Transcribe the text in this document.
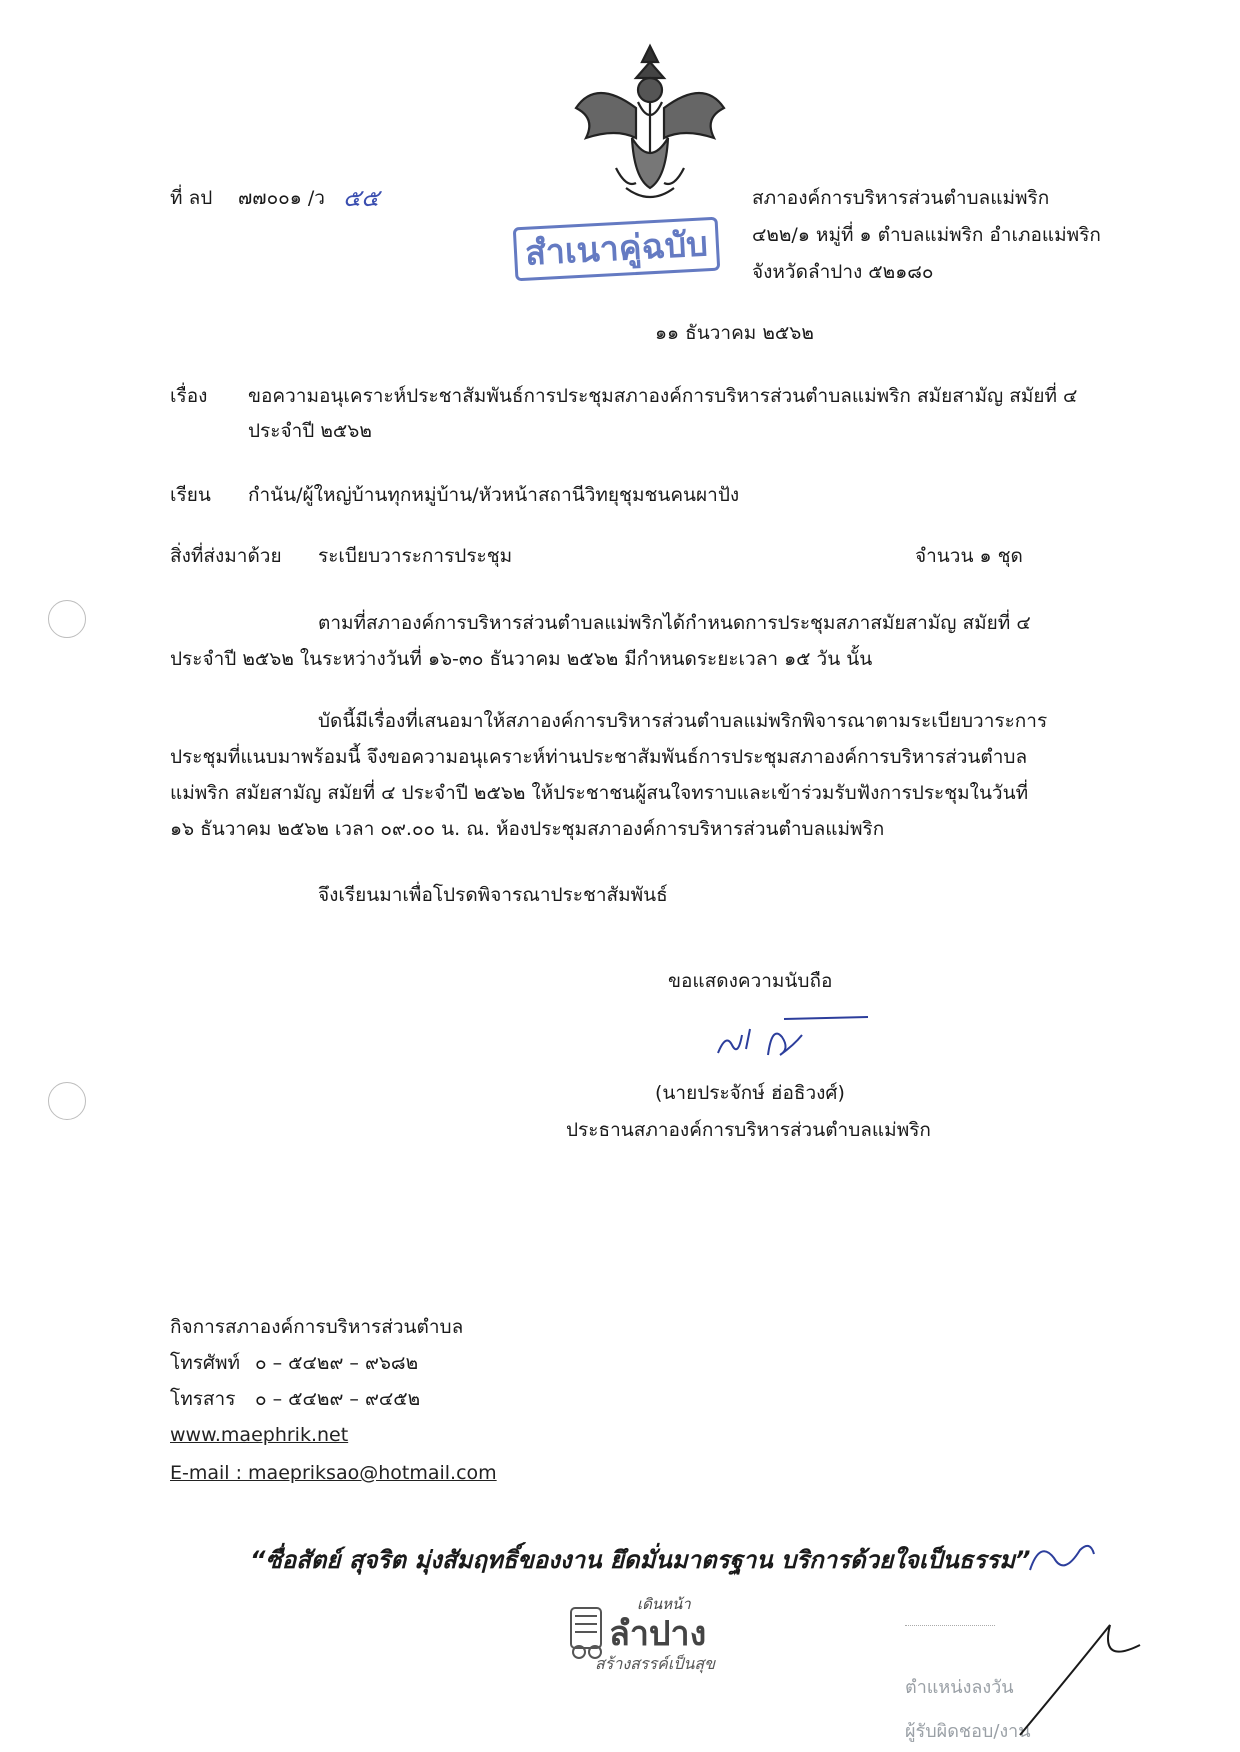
ที่ ลป ๗๗๐๐๑ /ว ๕๕
สำเนาคู่ฉบับ
สภาองค์การบริหารส่วนตำบลแม่พริก
๔๒๒/๑ หมู่ที่ ๑ ตำบลแม่พริก อำเภอแม่พริก
จังหวัดลำปาง ๕๒๑๘๐
๑๑ ธันวาคม ๒๕๖๒
เรื่อง ขอความอนุเคราะห์ประชาสัมพันธ์การประชุมสภาองค์การบริหารส่วนตำบลแม่พริก สมัยสามัญ สมัยที่ ๔
ประจำปี ๒๕๖๒
เรียน กำนัน/ผู้ใหญ่บ้านทุกหมู่บ้าน/หัวหน้าสถานีวิทยุชุมชนคนผาปัง
สิ่งที่ส่งมาด้วย ระเบียบวาระการประชุม	จำนวน ๑ ชุด
ตามที่สภาองค์การบริหารส่วนตำบลแม่พริกได้กำหนดการประชุมสภาสมัยสามัญ สมัยที่ ๔
ประจำปี ๒๕๖๒ ในระหว่างวันที่ ๑๖-๓๐ ธันวาคม ๒๕๖๒ มีกำหนดระยะเวลา ๑๕ วัน นั้น
บัดนี้มีเรื่องที่เสนอมาให้สภาองค์การบริหารส่วนตำบลแม่พริกพิจารณาตามระเบียบวาระการ
ประชุมที่แนบมาพร้อมนี้ จึงขอความอนุเคราะห์ท่านประชาสัมพันธ์การประชุมสภาองค์การบริหารส่วนตำบล
แม่พริก สมัยสามัญ สมัยที่ ๔ ประจำปี ๒๕๖๒ ให้ประชาชนผู้สนใจทราบและเข้าร่วมรับฟังการประชุมในวันที่
๑๖ ธันวาคม ๒๕๖๒ เวลา ๐๙.๐๐ น. ณ. ห้องประชุมสภาองค์การบริหารส่วนตำบลแม่พริก
จึงเรียนมาเพื่อโปรดพิจารณาประชาสัมพันธ์
ขอแสดงความนับถือ
(นายประจักษ์ ฮ่อธิวงศ์)
ประธานสภาองค์การบริหารส่วนตำบลแม่พริก
กิจการสภาองค์การบริหารส่วนตำบล
โทรศัพท์ ๐ – ๕๔๒๙ – ๙๖๘๒
โทรสาร ๐ – ๕๔๒๙ – ๙๔๕๒
www.maephrik.net
E-mail : maepriksao@hotmail.com
“ซื่อสัตย์ สุจริต มุ่งสัมฤทธิ์ของงาน ยึดมั่นมาตรฐาน บริการด้วยใจเป็นธรรม”
เดินหน้า
ลำปาง
สร้างสรรค์เป็นสุข
ตำแหน่งลงวัน
ผู้รับผิดชอบ/งาน
